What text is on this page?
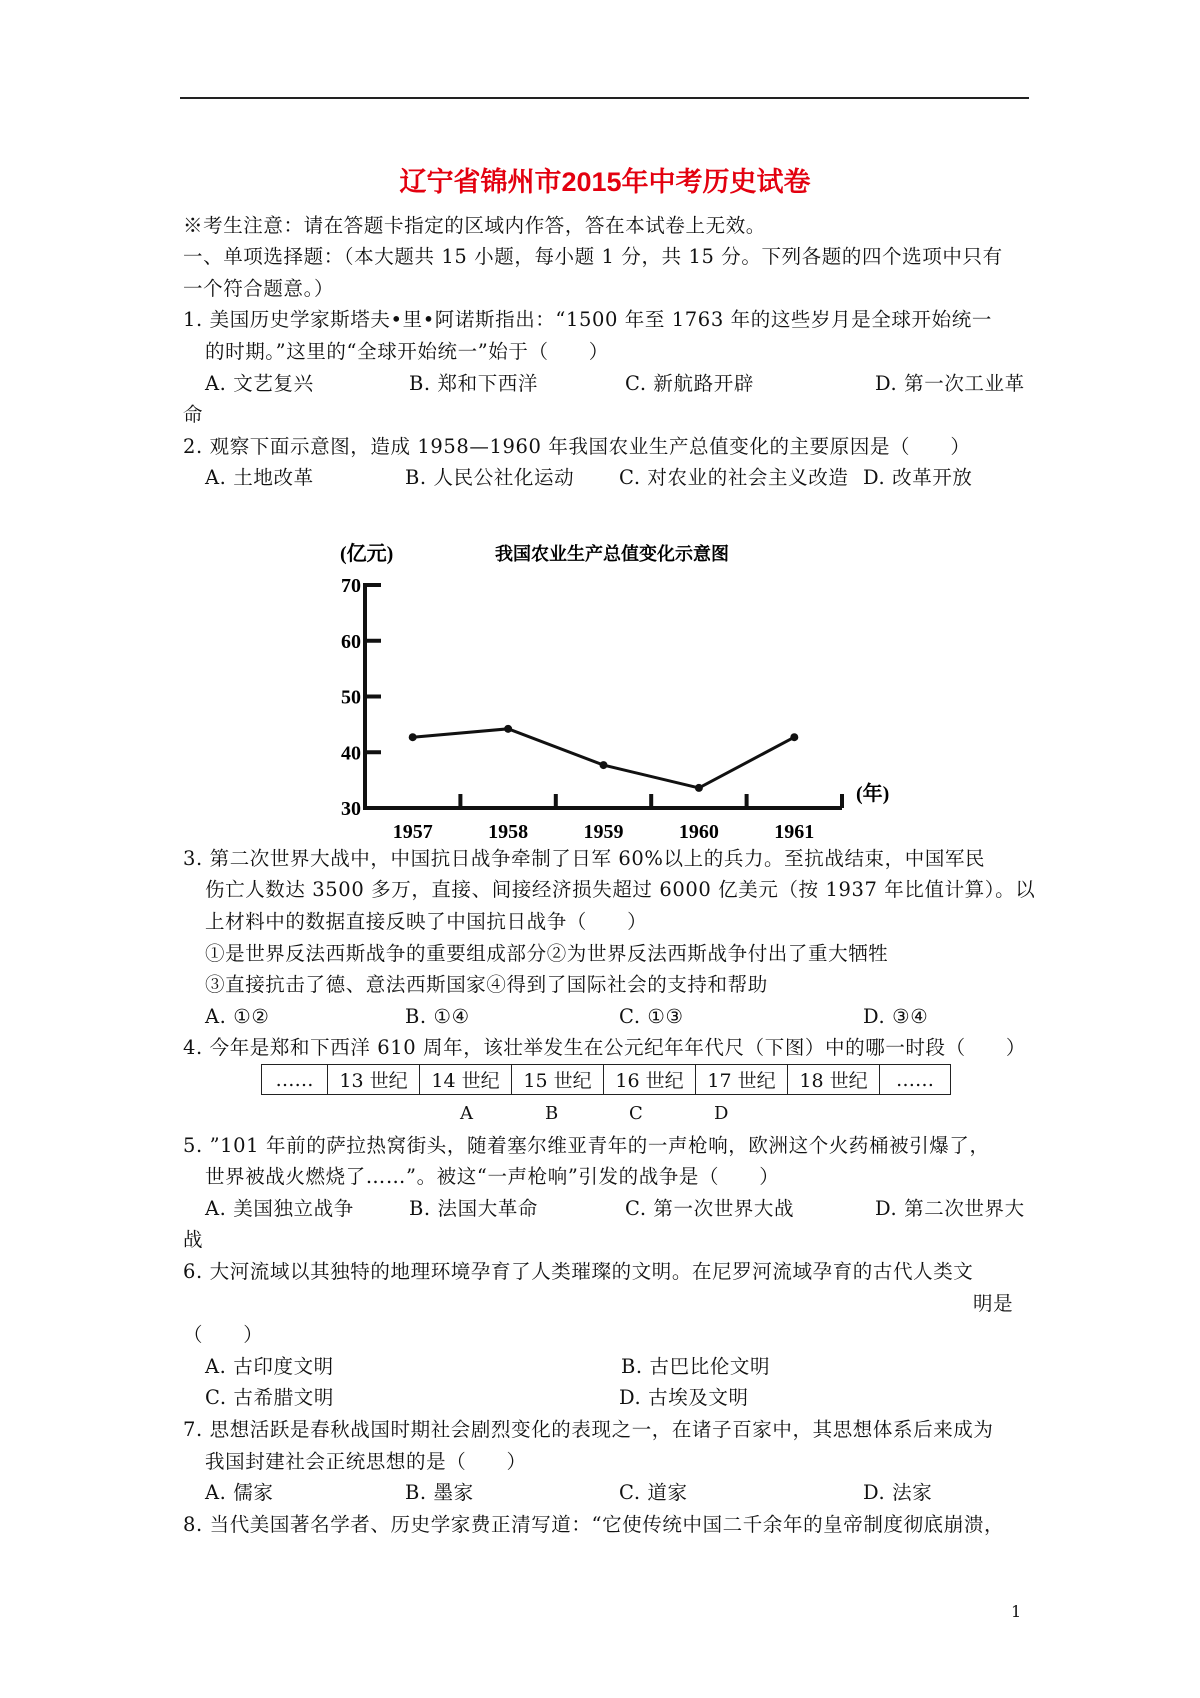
辽宁省锦州市2015年中考历史试卷
※考生注意：请在答题卡指定的区域内作答，答在本试卷上无效。
一、单项选择题：（本大题共 15 小题，每小题 1 分，共 15 分。下列各题的四个选项中只有
一个符合题意。）
1. 美国历史学家斯塔夫•里•阿诺斯指出：“1500 年至 1763 年的这些岁月是全球开始统一
的时期。”这里的“全球开始统一”始于（　　）
A. 文艺复兴	B. 郑和下西洋	C. 新航路开辟	D. 第一次工业革
命
2. 观察下面示意图，造成 1958—1960 年我国农业生产总值变化的主要原因是（　　）
A. 土地改革	B. 人民公社化运动 C. 对农业的社会主义改造 D. 改革开放
(亿元)	我国农业生产总值变化示意图
(年)
30
40
50
60
70
1957	1958	1959	1960	1961
3. 第二次世界大战中，中国抗日战争牵制了日军 60%以上的兵力。至抗战结束，中国军民
伤亡人数达 3500 多万，直接、间接经济损失超过 6000 亿美元（按 1937 年比值计算）。以
上材料中的数据直接反映了中国抗日战争（　　）
①是世界反法西斯战争的重要组成部分②为世界反法西斯战争付出了重大牺牲
③直接抗击了德、意法西斯国家④得到了国际社会的支持和帮助
A. ①②	B. ①④	C. ①③	D. ③④
4. 今年是郑和下西洋 610 周年，该壮举发生在公元纪年年代尺（下图）中的哪一时段（　　）
……	13 世纪	14 世纪	15 世纪	16 世纪	17 世纪	18 世纪	……
A	B	C	D
5. ”101 年前的萨拉热窝街头，随着塞尔维亚青年的一声枪响，欧洲这个火药桶被引爆了，
世界被战火燃烧了……”。被这“一声枪响”引发的战争是（　　）
A. 美国独立战争	B. 法国大革命	C. 第一次世界大战	D. 第二次世界大
战
6. 大河流域以其独特的地理环境孕育了人类璀璨的文明。在尼罗河流域孕育的古代人类文
明是
（　　）
A. 古印度文明	B. 古巴比伦文明
C. 古希腊文明	D. 古埃及文明
7. 思想活跃是春秋战国时期社会剧烈变化的表现之一，在诸子百家中，其思想体系后来成为
我国封建社会正统思想的是（　　）
A. 儒家	B. 墨家	C. 道家	D. 法家
8. 当代美国著名学者、历史学家费正清写道：“它使传统中国二千余年的皇帝制度彻底崩溃，
1
